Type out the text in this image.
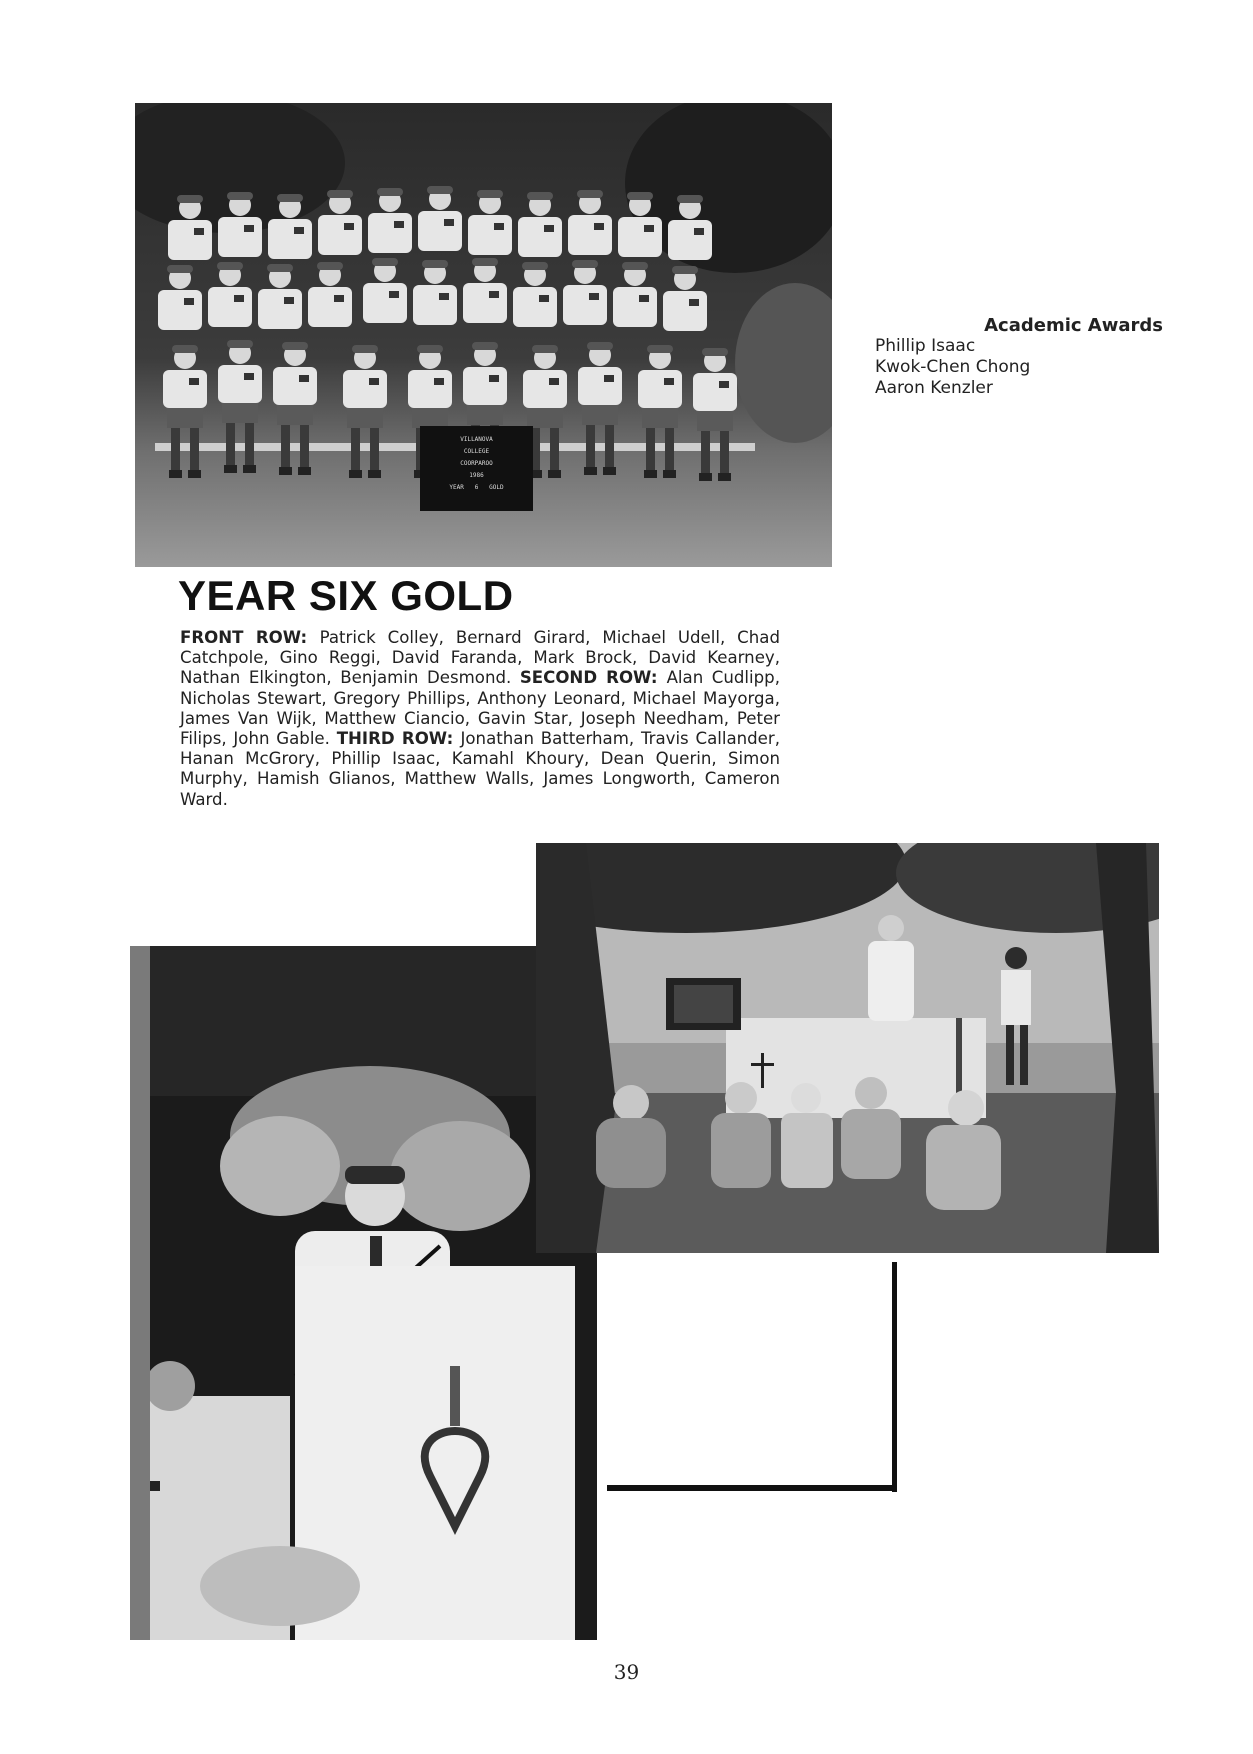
VILLANOVA
COLLEGE
COORPAROO
1986
YEAR   6   GOLD
Academic Awards
Phillip Isaac
Kwok-Chen Chong
Aaron Kenzler
YEAR SIX GOLD
FRONT ROW: Patrick Colley, Bernard Girard, Michael Udell, Chad Catchpole, Gino Reggi, David Faranda, Mark Brock, David Kearney, Nathan Elkington, Benjamin Desmond. SECOND ROW: Alan Cudlipp, Nicholas Stewart, Gregory Phillips, Anthony Leonard, Michael Mayorga, James Van Wijk, Matthew Ciancio, Gavin Star, Joseph Needham, Peter Filips, John Gable. THIRD ROW: Jonathan Batterham, Travis Callander, Hanan McGrory, Phillip Isaac, Kamahl Khoury, Dean Querin, Simon Murphy, Hamish Glianos, Matthew Walls, James Longworth, Cameron Ward.
39
